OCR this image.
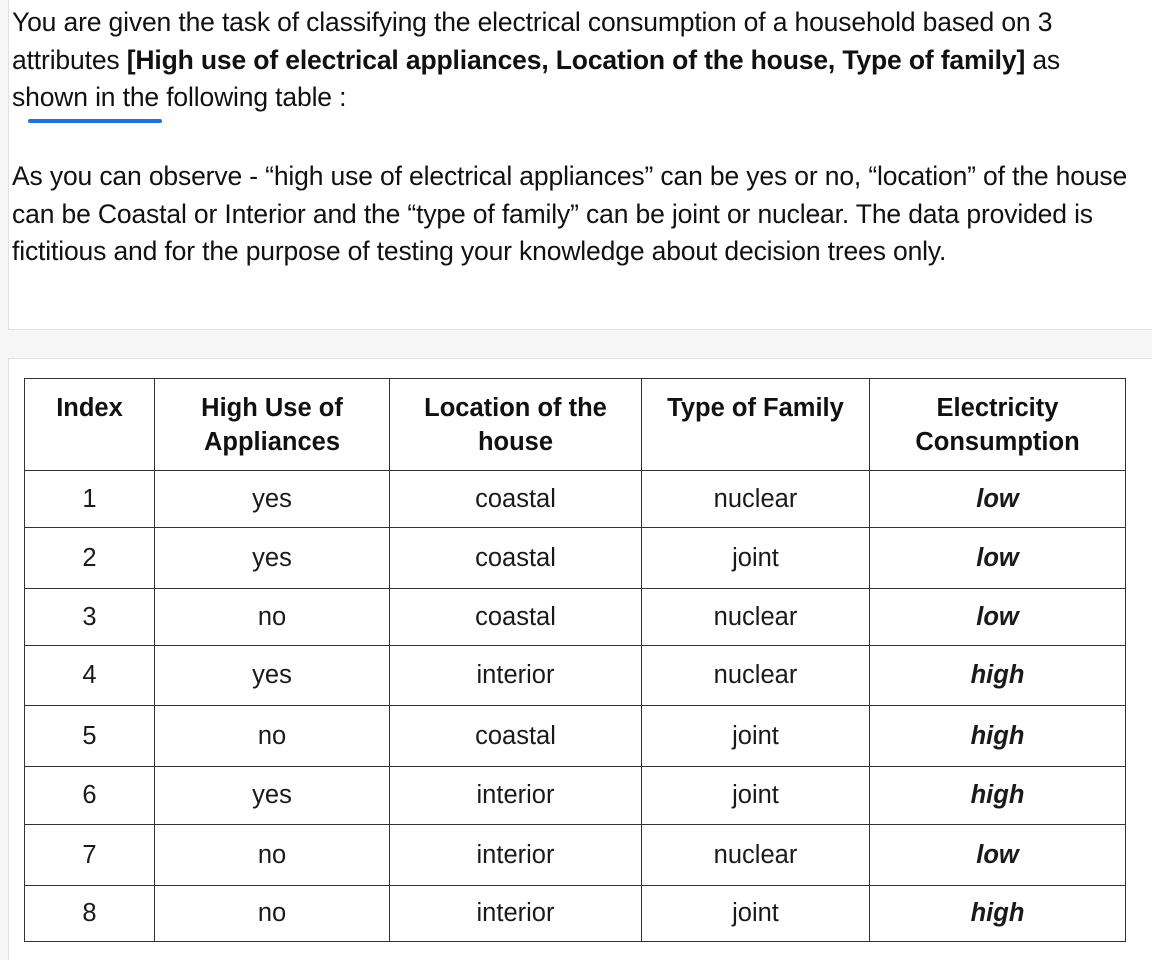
You are given the task of classifying the electrical consumption of a household based on 3 attributes [High use of electrical appliances, Location of the house, Type of family] as shown in the following table :

As you can observe - “high use of electrical appliances” can be yes or no, “location” of the house can be Coastal or Interior and the “type of family” can be joint or nuclear. The data provided is fictitious and for the purpose of testing your knowledge about decision trees only.

Index	High Use of Appliances	Location of the house	Type of Family	Electricity Consumption
1	yes	coastal	nuclear	low
2	yes	coastal	joint	low
3	no	coastal	nuclear	low
4	yes	interior	nuclear	high
5	no	coastal	joint	high
6	yes	interior	joint	high
7	no	interior	nuclear	low
8	no	interior	joint	high
